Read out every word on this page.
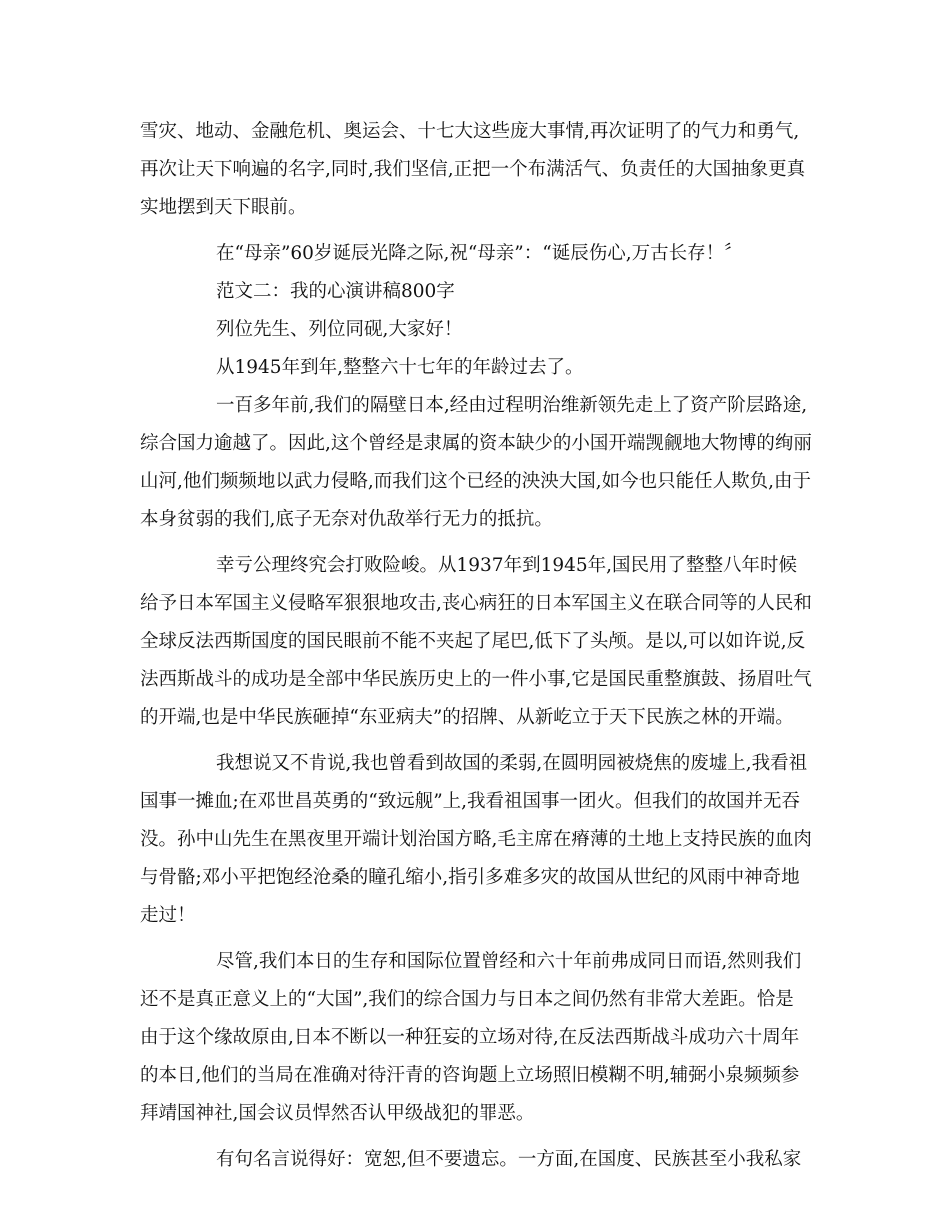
雪灾、地动、金融危机、奥运会、十七大这些庞大事情,再次证明了的气力和勇气,再次让天下响遍的名字,同时,我们坚信,正把一个布满活气、负责任的大国抽象更真实地摆到天下眼前。

在“母亲”60岁诞辰光降之际,祝“母亲”：“诞辰伤心,万古长存！〞

范文二：我的心演讲稿800字

列位先生、列位同砚,大家好！

从1945年到年,整整六十七年的年龄过去了。

一百多年前,我们的隔壁日本,经由过程明治维新领先走上了资产阶层路途,综合国力逾越了。因此,这个曾经是隶属的资本缺少的小国开端觊觎地大物博的绚丽山河,他们频频地以武力侵略,而我们这个已经的泱泱大国,如今也只能任人欺负,由于本身贫弱的我们,底子无奈对仇敌举行无力的抵抗。

幸亏公理终究会打败险峻。从1937年到1945年,国民用了整整八年时候给予日本军国主义侵略军狠狠地攻击,丧心病狂的日本军国主义在联合同等的人民和全球反法西斯国度的国民眼前不能不夹起了尾巴,低下了头颅。是以,可以如许说,反法西斯战斗的成功是全部中华民族历史上的一件小事,它是国民重整旗鼓、扬眉吐气的开端,也是中华民族砸掉“东亚病夫”的招牌、从新屹立于天下民族之林的开端。

我想说又不肯说,我也曾看到故国的柔弱,在圆明园被烧焦的废墟上,我看祖国事一摊血;在邓世昌英勇的“致远舰”上,我看祖国事一团火。但我们的故国并无吞没。孙中山先生在黑夜里开端计划治国方略,毛主席在瘠薄的土地上支持民族的血肉与骨骼;邓小平把饱经沧桑的瞳孔缩小,指引多难多灾的故国从世纪的风雨中神奇地走过！

尽管,我们本日的生存和国际位置曾经和六十年前弗成同日而语,然则我们还不是真正意义上的“大国”,我们的综合国力与日本之间仍然有非常大差距。恰是由于这个缘故原由,日本不断以一种狂妄的立场对待,在反法西斯战斗成功六十周年的本日,他们的当局在准确对待汗青的咨询题上立场照旧模糊不明,辅弼小泉频频参拜靖国神社,国会议员悍然否认甲级战犯的罪恶。

有句名言说得好：宽恕,但不要遗忘。一方面,在国度、民族甚至小我私家
